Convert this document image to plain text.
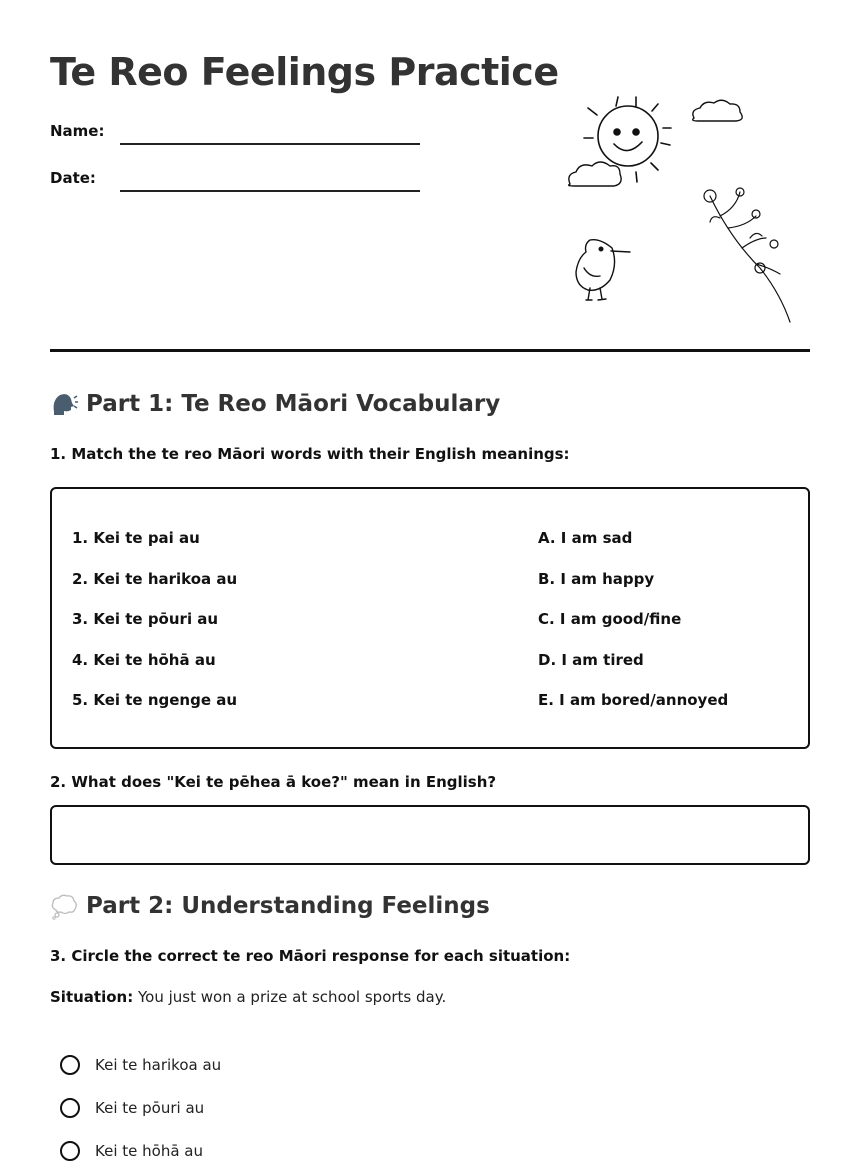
Te Reo Feelings Practice
Name:
Date:
Part 1: Te Reo Māori Vocabulary

1. Match the te reo Māori words with their English meanings:

1. Kei te pai au
2. Kei te harikoa au
3. Kei te pōuri au
4. Kei te hōhā au
5. Kei te ngenge au
A. I am sad
B. I am happy
C. I am good/fine
D. I am tired
E. I am bored/annoyed

2. What does "Kei te pēhea ā koe?" mean in English?

Part 2: Understanding Feelings

3. Circle the correct te reo Māori response for each situation:

Situation: You just won a prize at school sports day.
Kei te harikoa au
Kei te pōuri au
Kei te hōhā au
